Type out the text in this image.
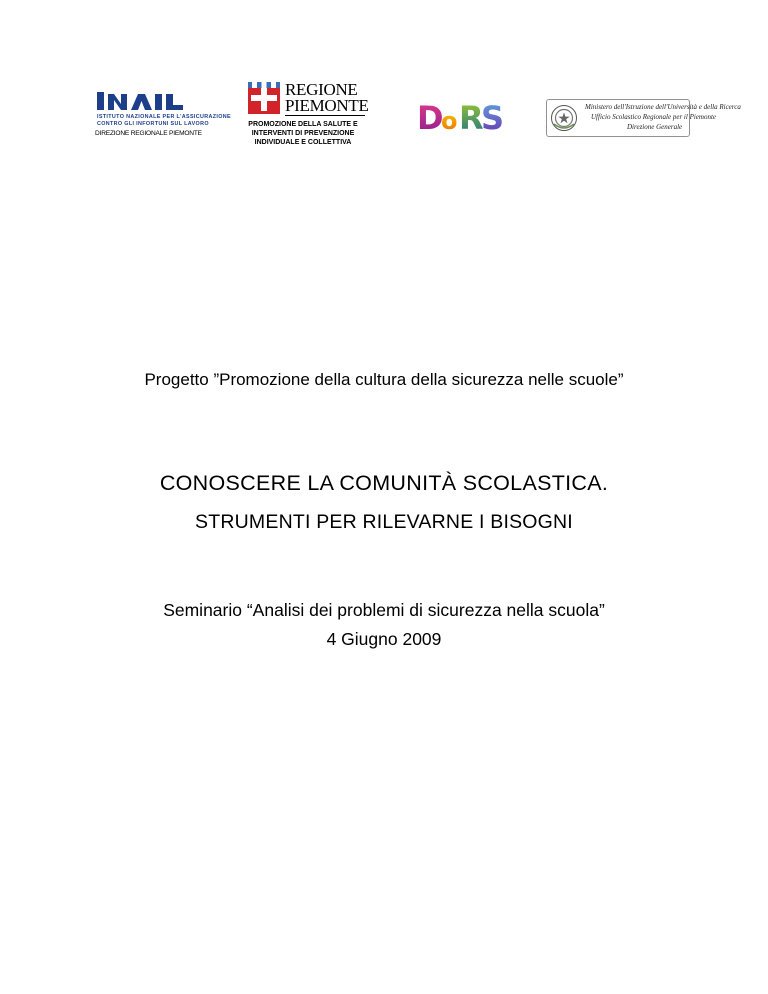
ISTITUTO NAZIONALE PER L'ASSICURAZIONE
CONTRO GLI INFORTUNI SUL LAVORO
DIREZIONE REGIONALE PIEMONTE
REGIONE
PIEMONTE
PROMOZIONE DELLA SALUTE E
INTERVENTI DI PREVENZIONE
INDIVIDUALE E COLLETTIVA
D
o R
S	Ministero dell'Istruzione dell'Università e della Ricerca
Ufficio Scolastico Regionale per il Piemonte
Direzione Generale
Progetto ”Promozione della cultura della sicurezza nelle scuole”
CONOSCERE LA COMUNITÀ SCOLASTICA.
STRUMENTI PER RILEVARNE I BISOGNI
Seminario “Analisi dei problemi di sicurezza nella scuola”
4 Giugno 2009
